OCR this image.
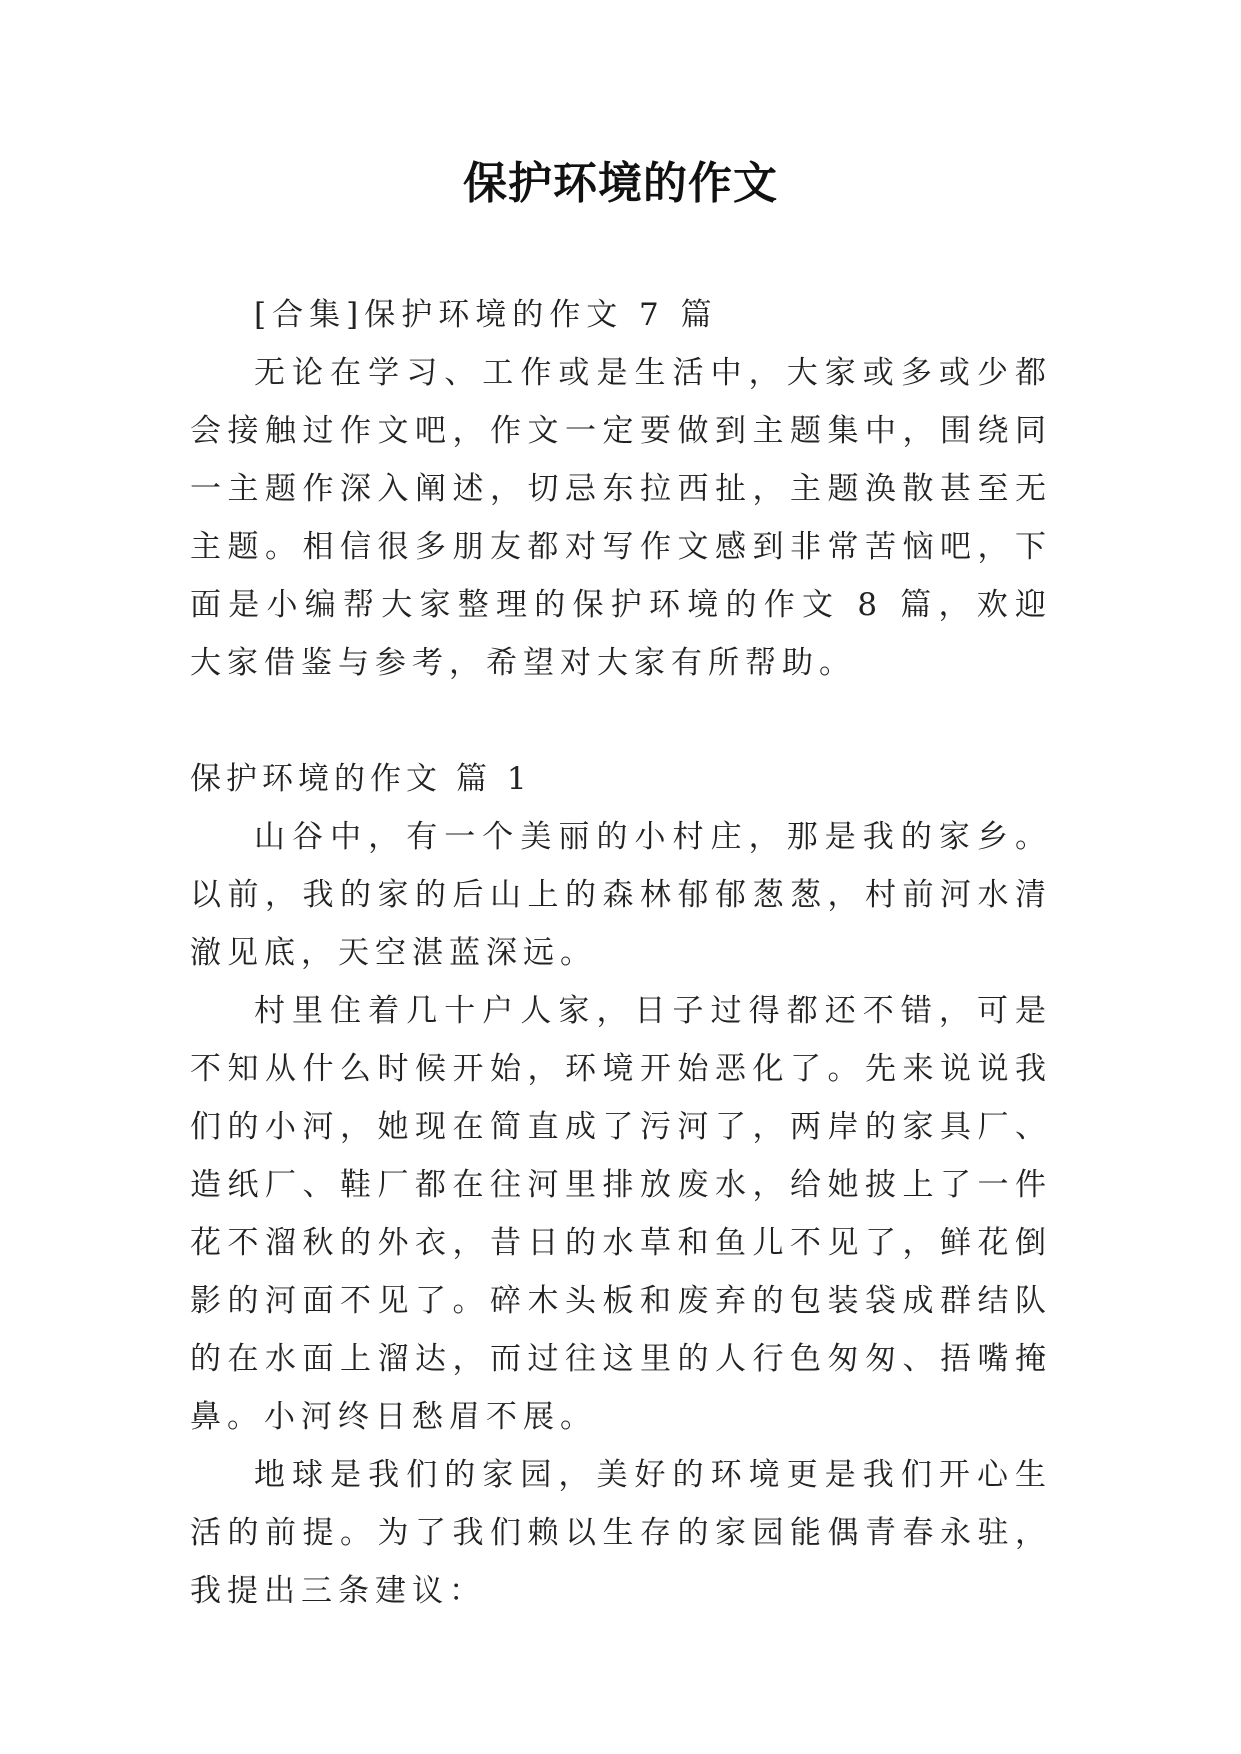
保护环境的作文

[合集]保护环境的作文 7 篇

无论在学习、工作或是生活中，大家或多或少都会接触过作文吧，作文一定要做到主题集中，围绕同一主题作深入阐述，切忌东拉西扯，主题涣散甚至无主题。相信很多朋友都对写作文感到非常苦恼吧，下面是小编帮大家整理的保护环境的作文 8 篇，欢迎大家借鉴与参考，希望对大家有所帮助。

保护环境的作文 篇 1

山谷中，有一个美丽的小村庄，那是我的家乡。以前，我的家的后山上的森林郁郁葱葱，村前河水清澈见底，天空湛蓝深远。

村里住着几十户人家，日子过得都还不错，可是不知从什么时候开始，环境开始恶化了。先来说说我们的小河，她现在简直成了污河了，两岸的家具厂、造纸厂、鞋厂都在往河里排放废水，给她披上了一件花不溜秋的外衣，昔日的水草和鱼儿不见了，鲜花倒影的河面不见了。碎木头板和废弃的包装袋成群结队的在水面上溜达，而过往这里的人行色匆匆、捂嘴掩鼻。小河终日愁眉不展。

地球是我们的家园，美好的环境更是我们开心生活的前提。为了我们赖以生存的家园能偶青春永驻，我提出三条建议：
